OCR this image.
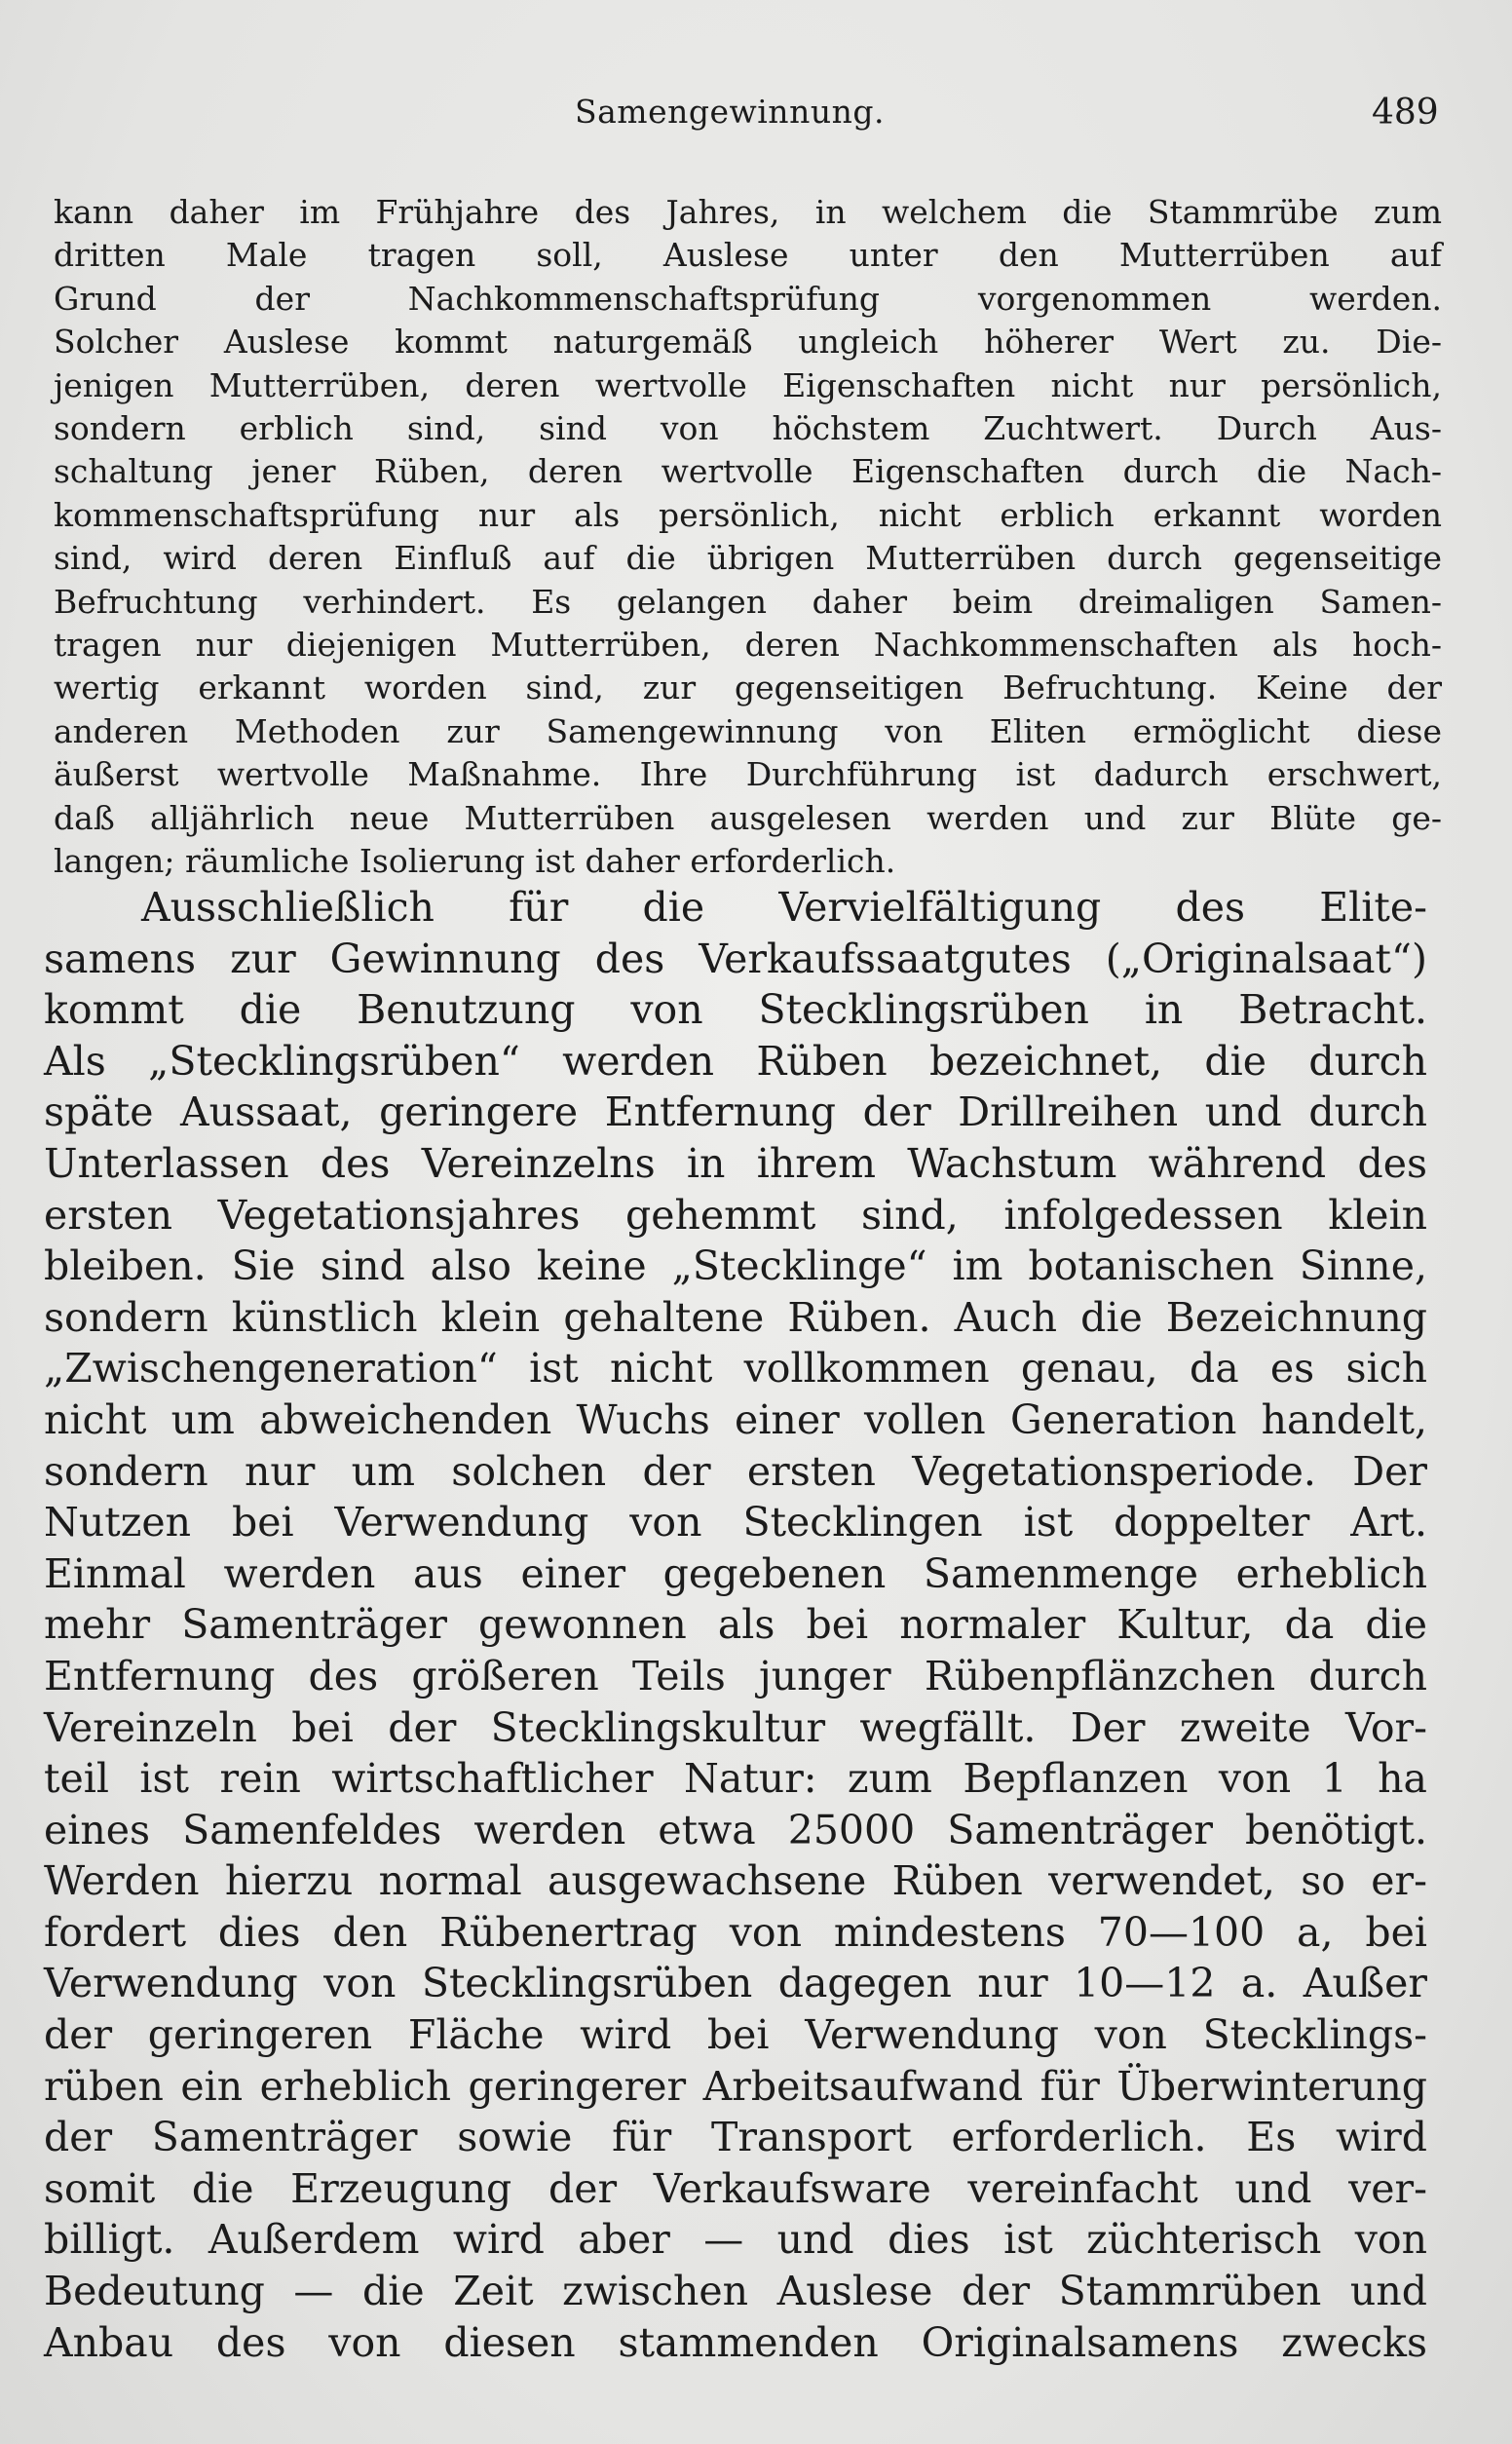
Samengewinnung.	489
kann daher im Frühjahre des Jahres, in welchem die Stammrübe zum
dritten Male tragen soll, Auslese unter den Mutterrüben auf
Grund der Nachkommenschaftsprüfung vorgenommen werden.
Solcher Auslese kommt naturgemäß ungleich höherer Wert zu. Die-
jenigen Mutterrüben, deren wertvolle Eigenschaften nicht nur persönlich,
sondern erblich sind, sind von höchstem Zuchtwert. Durch Aus-
schaltung jener Rüben, deren wertvolle Eigenschaften durch die Nach-
kommenschaftsprüfung nur als persönlich, nicht erblich erkannt worden
sind, wird deren Einfluß auf die übrigen Mutterrüben durch gegenseitige
Befruchtung verhindert. Es gelangen daher beim dreimaligen Samen-
tragen nur diejenigen Mutterrüben, deren Nachkommenschaften als hoch-
wertig erkannt worden sind, zur gegenseitigen Befruchtung. Keine der
anderen Methoden zur Samengewinnung von Eliten ermöglicht diese
äußerst wertvolle Maßnahme. Ihre Durchführung ist dadurch erschwert,
daß alljährlich neue Mutterrüben ausgelesen werden und zur Blüte ge-
langen; räumliche Isolierung ist daher erforderlich.
Ausschließlich für die Vervielfältigung des Elite-
samens zur Gewinnung des Verkaufssaatgutes („Originalsaat“)
kommt die Benutzung von Stecklingsrüben in Betracht.
Als „Stecklingsrüben“ werden Rüben bezeichnet, die durch
späte Aussaat, geringere Entfernung der Drillreihen und durch
Unterlassen des Vereinzelns in ihrem Wachstum während des
ersten Vegetationsjahres gehemmt sind, infolgedessen klein
bleiben. Sie sind also keine „Stecklinge“ im botanischen Sinne,
sondern künstlich klein gehaltene Rüben. Auch die Bezeichnung
„Zwischengeneration“ ist nicht vollkommen genau, da es sich
nicht um abweichenden Wuchs einer vollen Generation handelt,
sondern nur um solchen der ersten Vegetationsperiode. Der
Nutzen bei Verwendung von Stecklingen ist doppelter Art.
Einmal werden aus einer gegebenen Samenmenge erheblich
mehr Samenträger gewonnen als bei normaler Kultur, da die
Entfernung des größeren Teils junger Rübenpflänzchen durch
Vereinzeln bei der Stecklingskultur wegfällt. Der zweite Vor-
teil ist rein wirtschaftlicher Natur: zum Bepflanzen von 1 ha
eines Samenfeldes werden etwa 25000 Samenträger benötigt.
Werden hierzu normal ausgewachsene Rüben verwendet, so er-
fordert dies den Rübenertrag von mindestens 70—100 a, bei
Verwendung von Stecklingsrüben dagegen nur 10—12 a. Außer
der geringeren Fläche wird bei Verwendung von Stecklings-
rüben ein erheblich geringerer Arbeitsaufwand für Überwinterung
der Samenträger sowie für Transport erforderlich. Es wird
somit die Erzeugung der Verkaufsware vereinfacht und ver-
billigt. Außerdem wird aber — und dies ist züchterisch von
Bedeutung — die Zeit zwischen Auslese der Stammrüben und
Anbau des von diesen stammenden Originalsamens zwecks
